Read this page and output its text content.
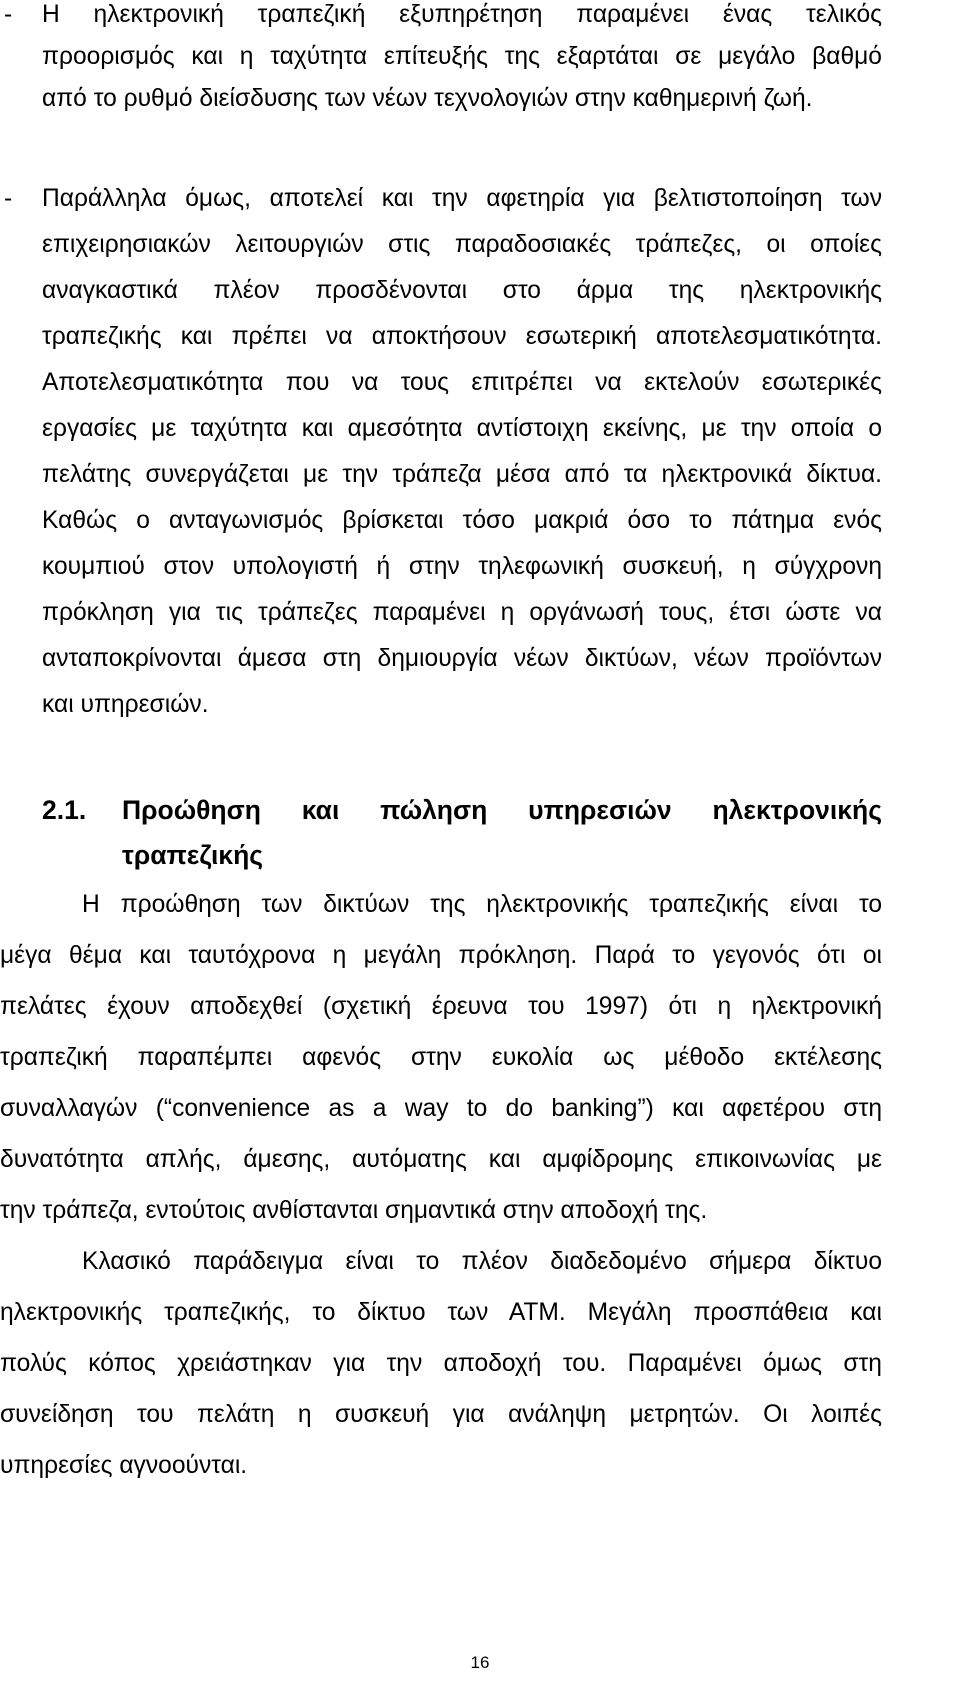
-	Η ηλεκτρονική τραπεζική εξυπηρέτηση παραμένει ένας τελικός
προορισμός και η ταχύτητα επίτευξής της εξαρτάται σε μεγάλο βαθμό
από το ρυθμό διείσδυσης των νέων τεχνολογιών στην καθημερινή ζωή.
-	Παράλληλα όμως, αποτελεί και την αφετηρία για βελτιστοποίηση των
επιχειρησιακών λειτουργιών στις παραδοσιακές τράπεζες, οι οποίες
αναγκαστικά πλέον προσδένονται στο άρμα της ηλεκτρονικής
τραπεζικής και πρέπει να αποκτήσουν εσωτερική αποτελεσματικότητα.
Αποτελεσματικότητα που να τους επιτρέπει να εκτελούν εσωτερικές
εργασίες με ταχύτητα και αμεσότητα αντίστοιχη εκείνης, με την οποία ο
πελάτης συνεργάζεται με την τράπεζα μέσα από τα ηλεκτρονικά δίκτυα.
Καθώς ο ανταγωνισμός βρίσκεται τόσο μακριά όσο το πάτημα ενός
κουμπιού στον υπολογιστή ή στην τηλεφωνική συσκευή, η σύγχρονη
πρόκληση για τις τράπεζες παραμένει η οργάνωσή τους, έτσι ώστε να
ανταποκρίνονται άμεσα στη δημιουργία νέων δικτύων, νέων προϊόντων
και υπηρεσιών.
2.1. Προώθηση και πώληση υπηρεσιών ηλεκτρονικής
τραπεζικής
Η προώθηση των δικτύων της ηλεκτρονικής τραπεζικής είναι το
μέγα θέμα και ταυτόχρονα η μεγάλη πρόκληση. Παρά το γεγονός ότι οι
πελάτες έχουν αποδεχθεί (σχετική έρευνα του 1997) ότι η ηλεκτρονική
τραπεζική παραπέμπει αφενός στην ευκολία ως μέθοδο εκτέλεσης
συναλλαγών (“convenience as a way to do banking”) και αφετέρου στη
δυνατότητα απλής, άμεσης, αυτόματης και αμφίδρομης επικοινωνίας με
την τράπεζα, εντούτοις ανθίστανται σημαντικά στην αποδοχή της.
Κλασικό παράδειγμα είναι το πλέον διαδεδομένο σήμερα δίκτυο
ηλεκτρονικής τραπεζικής, το δίκτυο των ΑΤΜ. Μεγάλη προσπάθεια και
πολύς κόπος χρειάστηκαν για την αποδοχή του. Παραμένει όμως στη
συνείδηση του πελάτη η συσκευή για ανάληψη μετρητών. Οι λοιπές
υπηρεσίες αγνοούνται.
16
